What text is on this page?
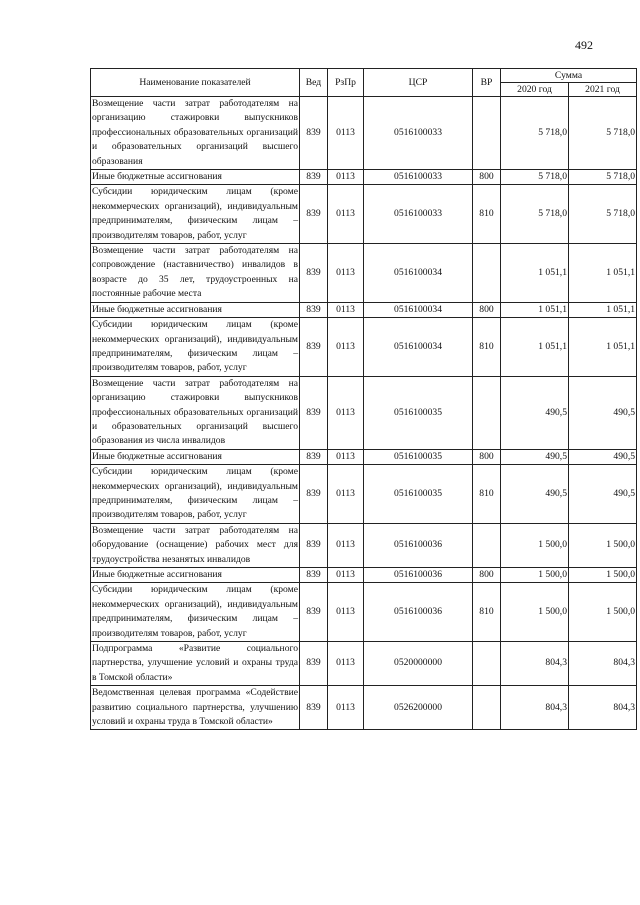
492
Наименование показателей	Вед	РзПр	ЦСР	ВР	Сумма	
					2020 год	2021 год
Возмещение части затрат работодателям на организацию стажировки выпускников профессиональных образовательных организаций и образовательных организаций высшего образования	839	0113	0516100033		5 718,0	5 718,0
Иные бюджетные ассигнования	839	0113	0516100033	800	5 718,0	5 718,0
Субсидии юридическим лицам (кроме некоммерческих организаций), индивидуальным предпринимателям, физическим лицам – производителям товаров, работ, услуг	839	0113	0516100033	810	5 718,0	5 718,0
Возмещение части затрат работодателям на сопровождение (наставничество) инвалидов в возрасте до 35 лет, трудоустроенных на постоянные рабочие места	839	0113	0516100034		1 051,1	1 051,1
Иные бюджетные ассигнования	839	0113	0516100034	800	1 051,1	1 051,1
Субсидии юридическим лицам (кроме некоммерческих организаций), индивидуальным предпринимателям, физическим лицам – производителям товаров, работ, услуг	839	0113	0516100034	810	1 051,1	1 051,1
Возмещение части затрат работодателям на организацию стажировки выпускников профессиональных образовательных организаций и образовательных организаций высшего образования из числа инвалидов	839	0113	0516100035		490,5	490,5
Иные бюджетные ассигнования	839	0113	0516100035	800	490,5	490,5
Субсидии юридическим лицам (кроме некоммерческих организаций), индивидуальным предпринимателям, физическим лицам – производителям товаров, работ, услуг	839	0113	0516100035	810	490,5	490,5
Возмещение части затрат работодателям на оборудование (оснащение) рабочих мест для трудоустройства незанятых инвалидов	839	0113	0516100036		1 500,0	1 500,0
Иные бюджетные ассигнования	839	0113	0516100036	800	1 500,0	1 500,0
Субсидии юридическим лицам (кроме некоммерческих организаций), индивидуальным предпринимателям, физическим лицам – производителям товаров, работ, услуг	839	0113	0516100036	810	1 500,0	1 500,0
Подпрограмма «Развитие социального партнерства, улучшение условий и охраны труда в Томской области»	839	0113	0520000000		804,3	804,3
Ведомственная целевая программа «Содействие развитию социального партнерства, улучшению условий и охраны труда в Томской области»	839	0113	0526200000		804,3	804,3
